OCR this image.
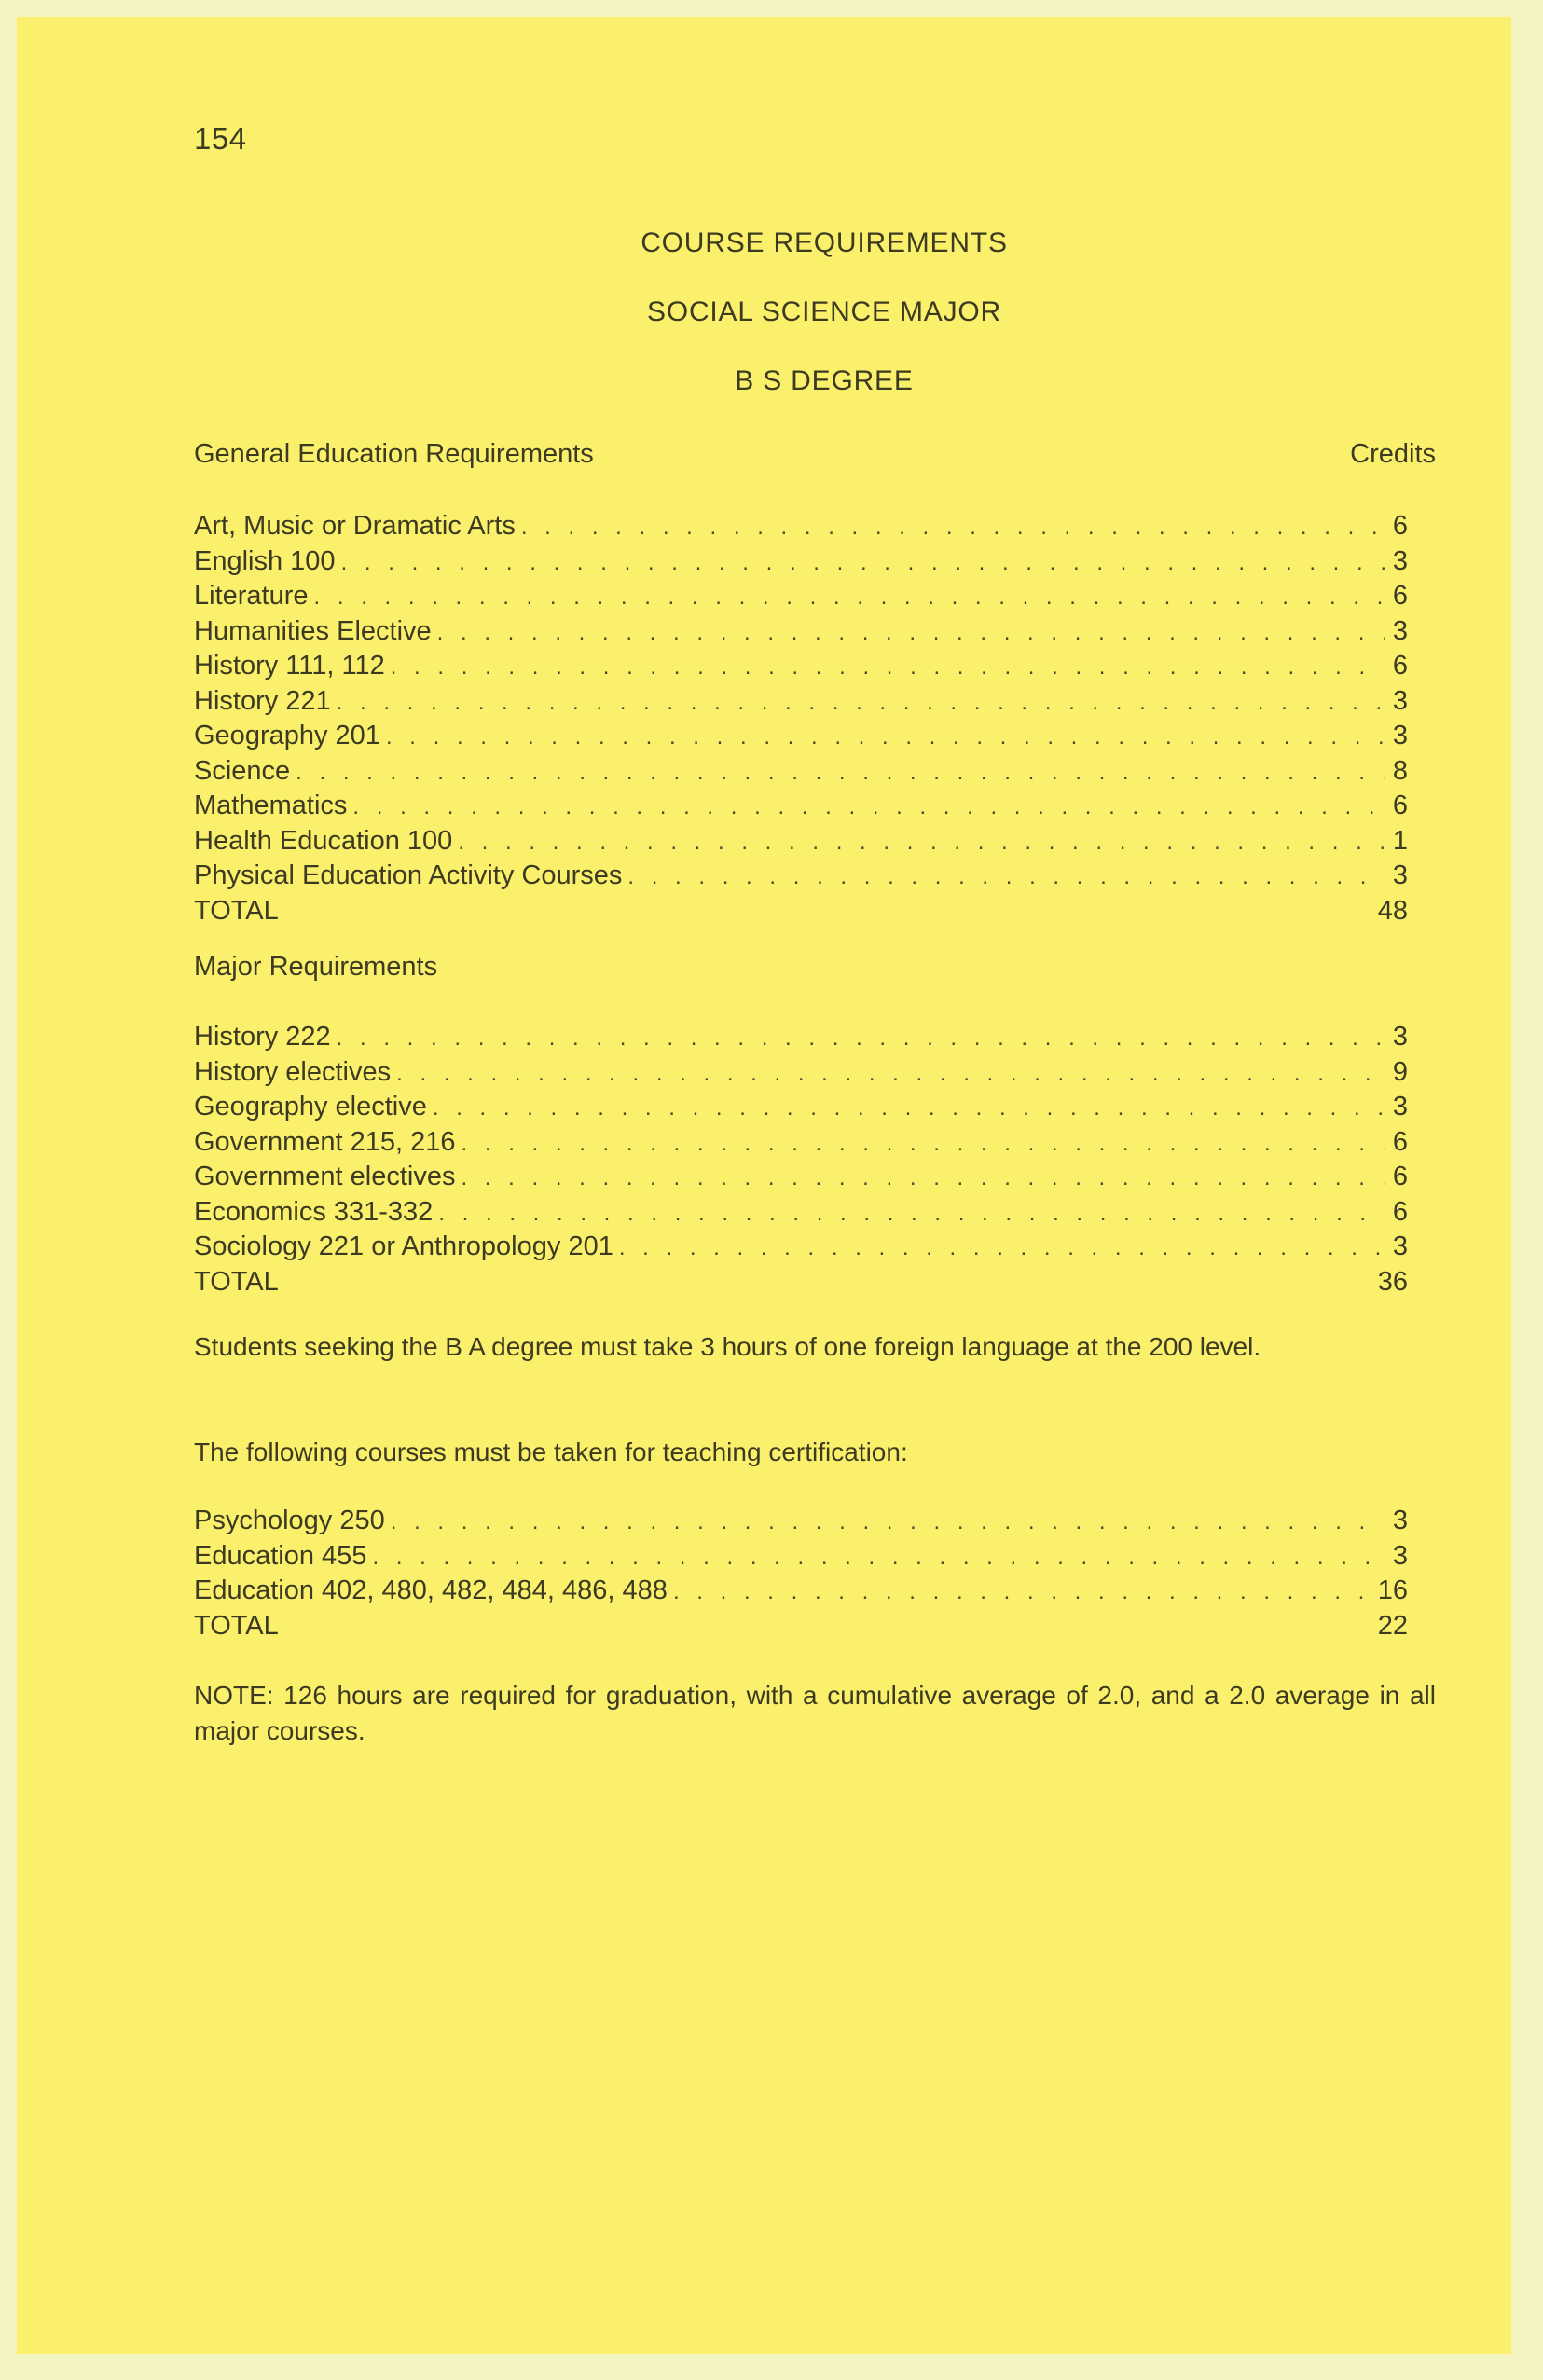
154
COURSE REQUIREMENTS
SOCIAL SCIENCE MAJOR
B S DEGREE
General Education Requirements	Credits
Art, Music or Dramatic Arts . . .	6
English 100 . . .	3
Literature . . .	6
Humanities Elective . . .	3
History 111, 112 . . .	6
History 221 . . .	3
Geography 201 . . .	3
Science . . .	8
Mathematics . . .	6
Health Education 100 . . .	1
Physical Education Activity Courses . . .	3
TOTAL	48
Major Requirements
History 222 . . .	3
History electives . . .	9
Geography elective . . .	3
Government 215, 216 . . .	6
Government electives . . .	6
Economics 331-332 . . .	6
Sociology 221 or Anthropology 201 . . .	3
TOTAL	36
Students seeking the B A degree must take 3 hours of one foreign language at the 200 level.
The following courses must be taken for teaching certification:
Psychology 250 . . .	3
Education 455 . . .	3
Education 402, 480, 482, 484, 486, 488 . . .	16
TOTAL	22
NOTE: 126 hours are required for graduation, with a cumulative average of 2.0, and a 2.0 average in all major courses.
